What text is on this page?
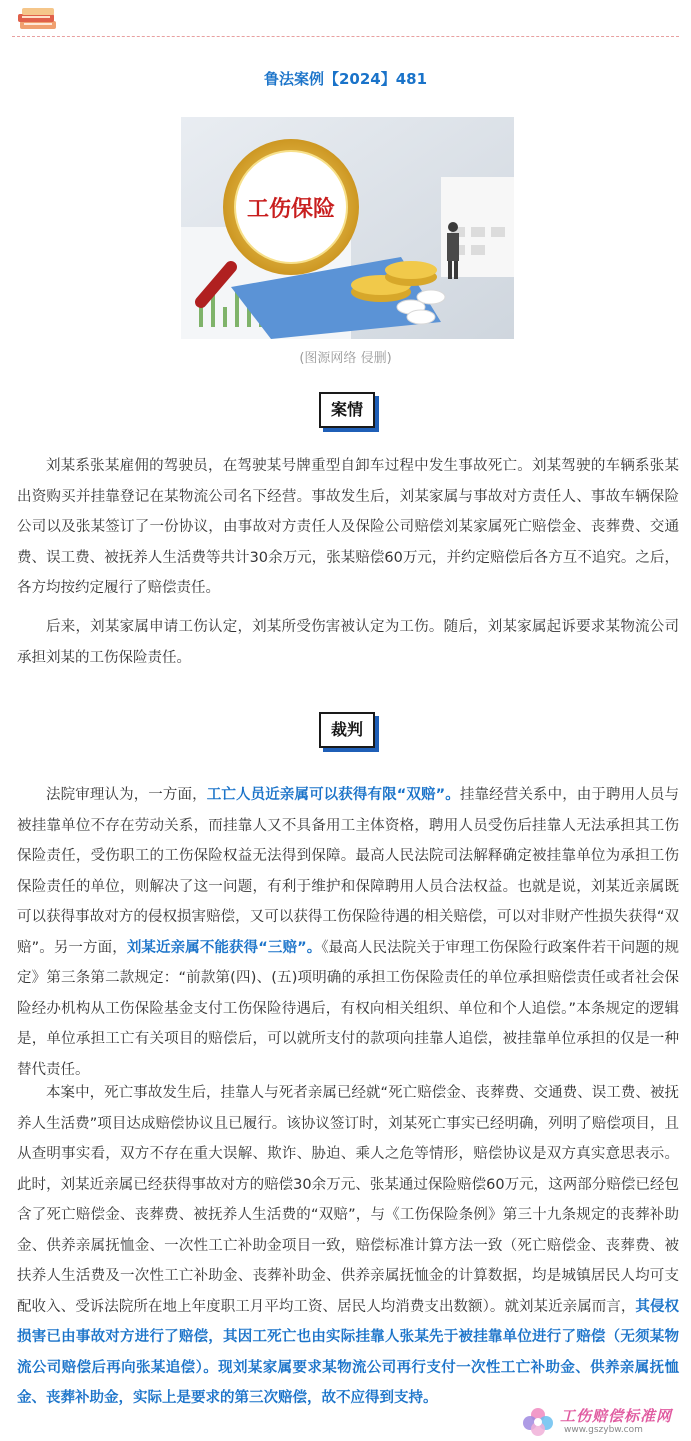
鲁法案例【2024】481
工伤保险
(图源网络 侵删)
案情

刘某系张某雇佣的驾驶员，在驾驶某号牌重型自卸车过程中发生事故死亡。刘某驾驶的车辆系张某出资购买并挂靠登记在某物流公司名下经营。事故发生后，刘某家属与事故对方责任人、事故车辆保险公司以及张某签订了一份协议，由事故对方责任人及保险公司赔偿刘某家属死亡赔偿金、丧葬费、交通费、误工费、被抚养人生活费等共计30余万元，张某赔偿60万元，并约定赔偿后各方互不追究。之后，各方均按约定履行了赔偿责任。

后来，刘某家属申请工伤认定，刘某所受伤害被认定为工伤。随后，刘某家属起诉要求某物流公司承担刘某的工伤保险责任。

裁判

法院审理认为，一方面，工亡人员近亲属可以获得有限“双赔”。挂靠经营关系中，由于聘用人员与被挂靠单位不存在劳动关系，而挂靠人又不具备用工主体资格，聘用人员受伤后挂靠人无法承担其工伤保险责任，受伤职工的工伤保险权益无法得到保障。最高人民法院司法解释确定被挂靠单位为承担工伤保险责任的单位，则解决了这一问题，有利于维护和保障聘用人员合法权益。也就是说，刘某近亲属既可以获得事故对方的侵权损害赔偿，又可以获得工伤保险待遇的相关赔偿，可以对非财产性损失获得“双赔”。另一方面，刘某近亲属不能获得“三赔”。《最高人民法院关于审理工伤保险行政案件若干问题的规定》第三条第二款规定：“前款第(四)、(五)项明确的承担工伤保险责任的单位承担赔偿责任或者社会保险经办机构从工伤保险基金支付工伤保险待遇后，有权向相关组织、单位和个人追偿。”本条规定的逻辑是，单位承担工亡有关项目的赔偿后，可以就所支付的款项向挂靠人追偿，被挂靠单位承担的仅是一种替代责任。

本案中，死亡事故发生后，挂靠人与死者亲属已经就“死亡赔偿金、丧葬费、交通费、误工费、被抚养人生活费”项目达成赔偿协议且已履行。该协议签订时，刘某死亡事实已经明确，列明了赔偿项目，且从查明事实看，双方不存在重大误解、欺诈、胁迫、乘人之危等情形，赔偿协议是双方真实意思表示。此时，刘某近亲属已经获得事故对方的赔偿30余万元、张某通过保险赔偿60万元，这两部分赔偿已经包含了死亡赔偿金、丧葬费、被抚养人生活费的“双赔”，与《工伤保险条例》第三十九条规定的丧葬补助金、供养亲属抚恤金、一次性工亡补助金项目一致，赔偿标准计算方法一致（死亡赔偿金、丧葬费、被扶养人生活费及一次性工亡补助金、丧葬补助金、供养亲属抚恤金的计算数据，均是城镇居民人均可支配收入、受诉法院所在地上年度职工月平均工资、居民人均消费支出数额）。就刘某近亲属而言，其侵权损害已由事故对方进行了赔偿，其因工死亡也由实际挂靠人张某先于被挂靠单位进行了赔偿（无须某物流公司赔偿后再向张某追偿）。现刘某家属要求某物流公司再行支付一次性工亡补助金、供养亲属抚恤金、丧葬补助金，实际上是要求的第三次赔偿，故不应得到支持。

工伤赔偿标准网
www.gszybw.com
